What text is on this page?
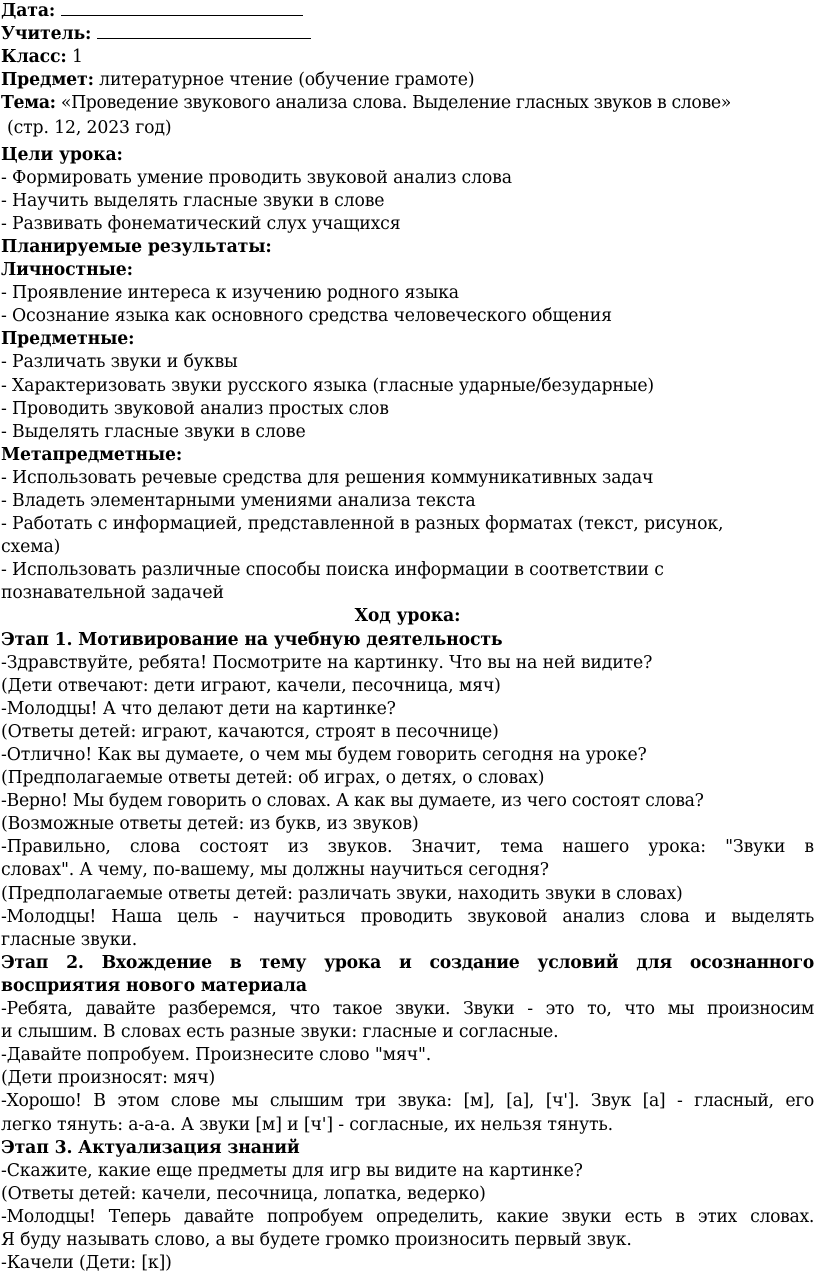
Дата:
Учитель:
Класс: 1
Предмет: литературное чтение (обучение грамоте)
Тема: «Проведение звукового анализа слова. Выделение гласных звуков в слове»
(стр. 12, 2023 год)
Цели урока:
- Формировать умение проводить звуковой анализ слова
- Научить выделять гласные звуки в слове
- Развивать фонематический слух учащихся
Планируемые результаты:
Личностные:
- Проявление интереса к изучению родного языка
- Осознание языка как основного средства человеческого общения
Предметные:
- Различать звуки и буквы
- Характеризовать звуки русского языка (гласные ударные/безударные)
- Проводить звуковой анализ простых слов
- Выделять гласные звуки в слове
Метапредметные:
- Использовать речевые средства для решения коммуникативных задач
- Владеть элементарными умениями анализа текста
- Работать с информацией, представленной в разных форматах (текст, рисунок,
схема)
- Использовать различные способы поиска информации в соответствии с
познавательной задачей
Ход урока:
Этап 1. Мотивирование на учебную деятельность
-Здравствуйте, ребята! Посмотрите на картинку. Что вы на ней видите?
(Дети отвечают: дети играют, качели, песочница, мяч)
-Молодцы! А что делают дети на картинке?
(Ответы детей: играют, качаются, строят в песочнице)
-Отлично! Как вы думаете, о чем мы будем говорить сегодня на уроке?
(Предполагаемые ответы детей: об играх, о детях, о словах)
-Верно! Мы будем говорить о словах. А как вы думаете, из чего состоят слова?
(Возможные ответы детей: из букв, из звуков)
-Правильно, слова состоят из звуков. Значит, тема нашего урока: "Звуки в
словах". А чему, по-вашему, мы должны научиться сегодня?
(Предполагаемые ответы детей: различать звуки, находить звуки в словах)
-Молодцы! Наша цель - научиться проводить звуковой анализ слова и выделять
гласные звуки.
Этап 2. Вхождение в тему урока и создание условий для осознанного
восприятия нового материала
-Ребята, давайте разберемся, что такое звуки. Звуки - это то, что мы произносим
и слышим. В словах есть разные звуки: гласные и согласные.
-Давайте попробуем. Произнесите слово "мяч".
(Дети произносят: мяч)
-Хорошо! В этом слове мы слышим три звука: [м], [а], [ч']. Звук [а] - гласный, его
легко тянуть: а-а-а. А звуки [м] и [ч'] - согласные, их нельзя тянуть.
Этап 3. Актуализация знаний
-Скажите, какие еще предметы для игр вы видите на картинке?
(Ответы детей: качели, песочница, лопатка, ведерко)
-Молодцы! Теперь давайте попробуем определить, какие звуки есть в этих словах.
Я буду называть слово, а вы будете громко произносить первый звук.
-Качели (Дети: [к])
